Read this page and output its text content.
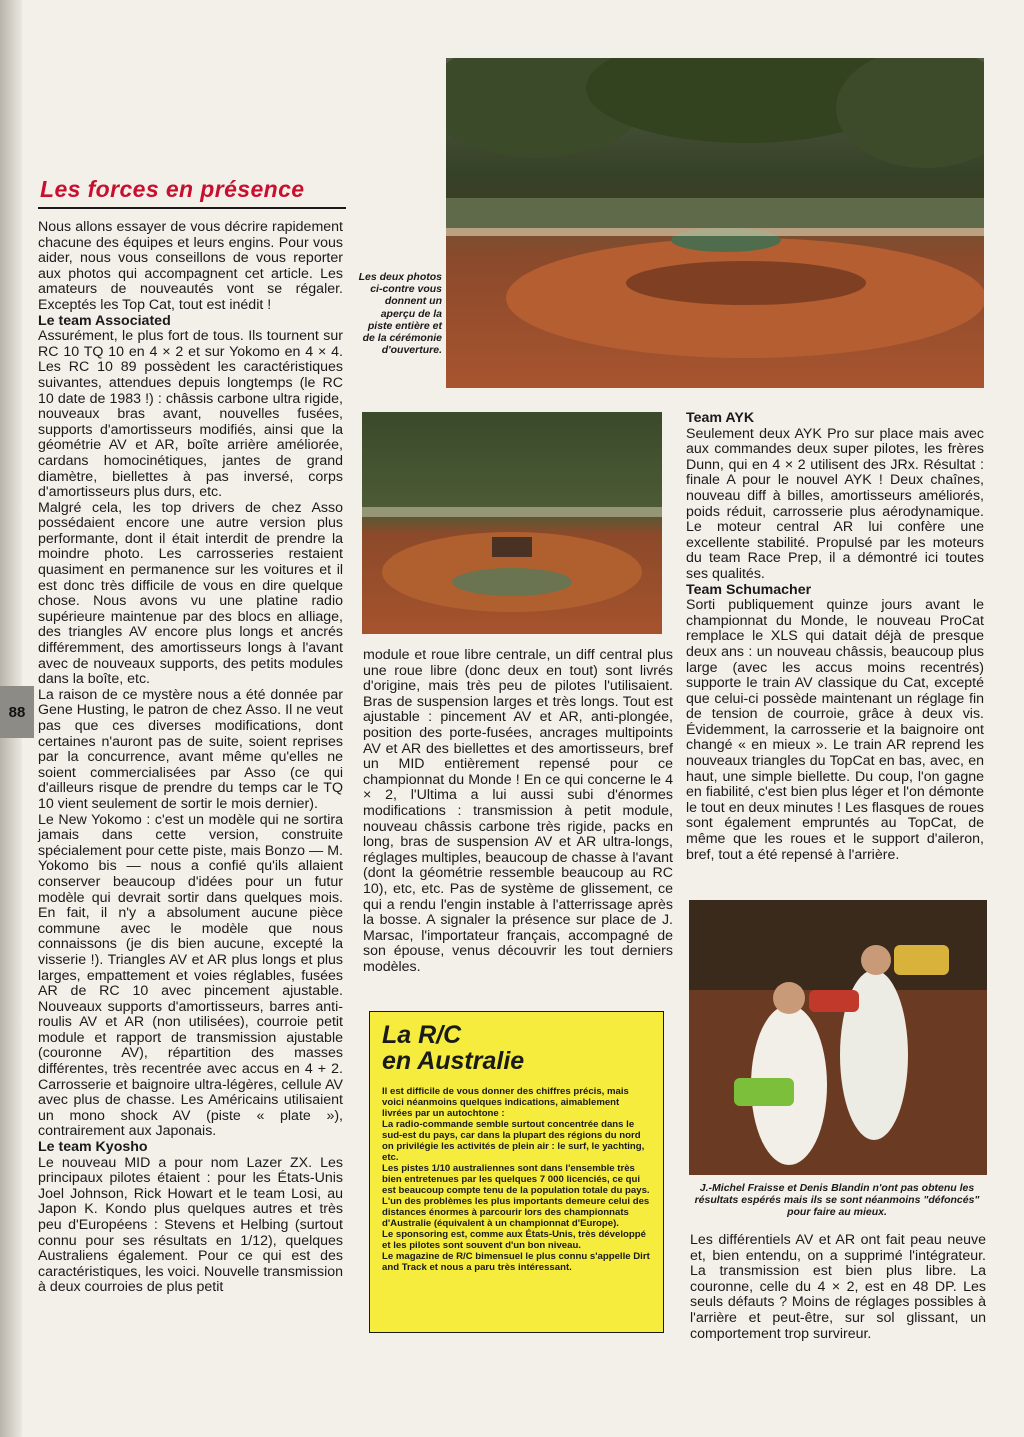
Les forces en présence
Les deux photos ci-contre vous donnent un aperçu de la piste entière et de la cérémonie d'ouverture.
J.-Michel Fraisse et Denis Blandin n'ont pas obtenu les résultats espérés mais ils se sont néanmoins "défoncés" pour faire au mieux.
88

Nous allons essayer de vous décrire rapidement chacune des équipes et leurs engins. Pour vous aider, nous vous conseillons de vous reporter aux photos qui accompagnent cet article. Les amateurs de nouveautés vont se régaler. Exceptés les Top Cat, tout est inédit !

Le team Associated

Assurément, le plus fort de tous. Ils tournent sur RC 10 TQ 10 en 4 × 2 et sur Yokomo en 4 × 4. Les RC 10 89 possèdent les caractéristiques suivantes, attendues depuis longtemps (le RC 10 date de 1983 !) : châssis carbone ultra rigide, nouveaux bras avant, nouvelles fusées, supports d'amortisseurs modifiés, ainsi que la géométrie AV et AR, boîte arrière améliorée, cardans homocinétiques, jantes de grand diamètre, biellettes à pas inversé, corps d'amortisseurs plus durs, etc.

Malgré cela, les top drivers de chez Asso possédaient encore une autre version plus performante, dont il était interdit de prendre la moindre photo. Les carrosseries restaient quasiment en permanence sur les voitures et il est donc très difficile de vous en dire quelque chose. Nous avons vu une platine radio supérieure maintenue par des blocs en alliage, des triangles AV encore plus longs et ancrés différemment, des amortisseurs longs à l'avant avec de nouveaux supports, des petits modules dans la boîte, etc.

La raison de ce mystère nous a été donnée par Gene Husting, le patron de chez Asso. Il ne veut pas que ces diverses modifications, dont certaines n'auront pas de suite, soient reprises par la concurrence, avant même qu'elles ne soient commercialisées par Asso (ce qui d'ailleurs risque de prendre du temps car le TQ 10 vient seulement de sortir le mois dernier).

Le New Yokomo : c'est un modèle qui ne sortira jamais dans cette version, construite spécialement pour cette piste, mais Bonzo — M. Yokomo bis — nous a confié qu'ils allaient conserver beaucoup d'idées pour un futur modèle qui devrait sortir dans quelques mois. En fait, il n'y a absolument aucune pièce commune avec le modèle que nous connaissons (je dis bien aucune, excepté la visserie !). Triangles AV et AR plus longs et plus larges, empattement et voies réglables, fusées AR de RC 10 avec pincement ajustable. Nouveaux supports d'amortisseurs, barres anti-roulis AV et AR (non utilisées), courroie petit module et rapport de transmission ajustable (couronne AV), répartition des masses différentes, très recentrée avec accus en 4 + 2. Carrosserie et baignoire ultra-légères, cellule AV avec plus de chasse. Les Américains utilisaient un mono shock AV (piste « plate »), contrairement aux Japonais.

Le team Kyosho

Le nouveau MID a pour nom Lazer ZX. Les principaux pilotes étaient : pour les États-Unis Joel Johnson, Rick Howart et le team Losi, au Japon K. Kondo plus quelques autres et très peu d'Européens : Stevens et Helbing (surtout connu pour ses résultats en 1/12), quelques Australiens également. Pour ce qui est des caractéristiques, les voici. Nouvelle transmission à deux courroies de plus petit

module et roue libre centrale, un diff central plus une roue libre (donc deux en tout) sont livrés d'origine, mais très peu de pilotes l'utilisaient. Bras de suspension larges et très longs. Tout est ajustable : pincement AV et AR, anti-plongée, position des porte-fusées, ancrages multipoints AV et AR des biellettes et des amortisseurs, bref un MID entièrement repensé pour ce championnat du Monde ! En ce qui concerne le 4 × 2, l'Ultima a lui aussi subi d'énormes modifications : transmission à petit module, nouveau châssis carbone très rigide, packs en long, bras de suspension AV et AR ultra-longs, réglages multiples, beaucoup de chasse à l'avant (dont la géométrie ressemble beaucoup au RC 10), etc, etc. Pas de système de glissement, ce qui a rendu l'engin instable à l'atterrissage après la bosse. A signaler la présence sur place de J. Marsac, l'importateur français, accompagné de son épouse, venus découvrir les tout derniers modèles.

Team AYK

Seulement deux AYK Pro sur place mais avec aux commandes deux super pilotes, les frères Dunn, qui en 4 × 2 utilisent des JRx. Résultat : finale A pour le nouvel AYK ! Deux chaînes, nouveau diff à billes, amortisseurs améliorés, poids réduit, carrosserie plus aérodynamique. Le moteur central AR lui confère une excellente stabilité. Propulsé par les moteurs du team Race Prep, il a démontré ici toutes ses qualités.

Team Schumacher

Sorti publiquement quinze jours avant le championnat du Monde, le nouveau ProCat remplace le XLS qui datait déjà de presque deux ans : un nouveau châssis, beaucoup plus large (avec les accus moins recentrés) supporte le train AV classique du Cat, excepté que celui-ci possède maintenant un réglage fin de tension de courroie, grâce à deux vis. Évidemment, la carrosserie et la baignoire ont changé « en mieux ». Le train AR reprend les nouveaux triangles du TopCat en bas, avec, en haut, une simple biellette. Du coup, l'on gagne en fiabilité, c'est bien plus léger et l'on démonte le tout en deux minutes ! Les flasques de roues sont également empruntés au TopCat, de même que les roues et le support d'aileron, bref, tout a été repensé à l'arrière.

Les différentiels AV et AR ont fait peau neuve et, bien entendu, on a supprimé l'intégrateur. La transmission est bien plus libre. La couronne, celle du 4 × 2, est en 48 DP. Les seuls défauts ? Moins de réglages possibles à l'arrière et peut-être, sur sol glissant, un comportement trop survireur.

La R/C
en Australie

Il est difficile de vous donner des chiffres précis, mais voici néanmoins quelques indications, aimablement livrées par un autochtone :

La radio-commande semble surtout concentrée dans le sud-est du pays, car dans la plupart des régions du nord on privilégie les activités de plein air : le surf, le yachting, etc.

Les pistes 1/10 australiennes sont dans l'ensemble très bien entretenues par les quelques 7 000 licenciés, ce qui est beaucoup compte tenu de la population totale du pays.

L'un des problèmes les plus importants demeure celui des distances énormes à parcourir lors des championnats d'Australie (équivalent à un championnat d'Europe).

Le sponsoring est, comme aux États-Unis, très développé et les pilotes sont souvent d'un bon niveau.

Le magazine de R/C bimensuel le plus connu s'appelle Dirt and Track et nous a paru très intéressant.
